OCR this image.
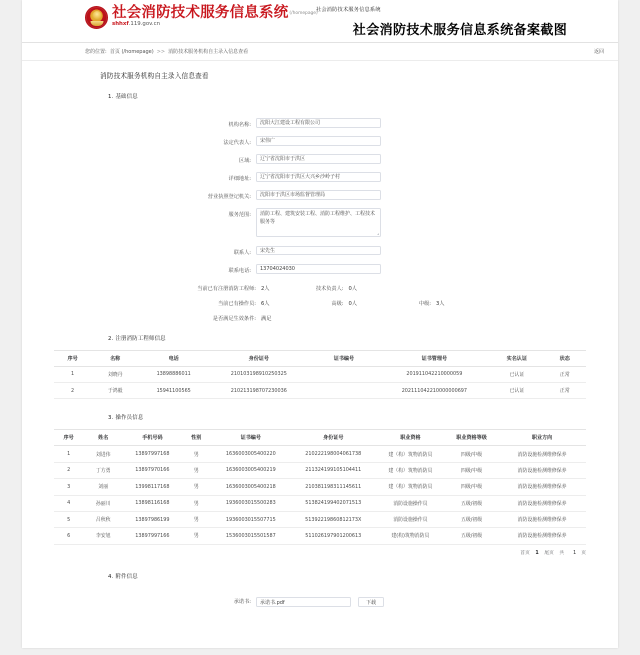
社会消防技术服务信息系统(/homepage)
shhxf.119.gov.cn
社会消防技术服务信息系统
社会消防技术服务信息系统备案截图
您的位置: 首页 (/homepage) >> 消防技术服务机构自主录入信息查看	返回
消防技术服务机构自主录入信息查看
1. 基础信息
机构名称:	沈阳大江建设工程有限公司
法定代表人:	宋伟广
区域:	辽宁省沈阳市于洪区
详细地址:	辽宁省沈阳市于洪区大兴乡沙岭子村
营业执照登记机关:	沈阳市于洪区市场监督管理局
服务范围:	消防工程、建筑安装工程、消防工程维护、工程技术服务等
联系人:	宋先生
联系电话:	13704024030
当前已有注册消防工程师: 2人	技术负责人: 0人
当前已有操作员: 6人	高级: 0人	中级: 3人
是否满足生效条件: 满足
2. 注册消防工程师信息
序号	名称	电话	身份证号	证书编号	证书管理号	实名认证	状态
1	刘晓丹	13898886011	210103198910250325		201911042210000059	已认证	正常
2	于鸿毅	15941100565	210213198707230036		202111042210000000697	已认证	正常
3. 操作员信息
序号	姓名	手机号码	性别	证书编号	身份证号	职业资格	职业资格等级	职业方向
1	刘进伟	13897997168	男	1636003005400220	210222198004061738	建（构）筑物消防员	四级/中级	消防设施检测维修保养
2	丁方勇	13897970166	男	1636003005400219	211324199105104411	建（构）筑物消防员	四级/中级	消防设施检测维修保养
3	刘丽	13998117168	男	1636003005400218	210381198311145611	建（构）筑物消防员	四级/中级	消防设施检测维修保养
4	孙丽川	13898116168	男	1936003015500283	513824199402071513	消防设施操作员	五级/初级	消防设施检测维修保养
5	吕秋秋	13897986199	男	1936003015507715	51392219860812173X	消防设施操作员	五级/初级	消防设施检测维修保养
6	李安旭	13897997166	男	1536003015501587	511026197901200613	建(构)筑物消防员	五级/初级	消防设施检测维修保养
首页 1 尾页 共 1 页
4. 附件信息
承诺书:	承诺书.pdf	下载
